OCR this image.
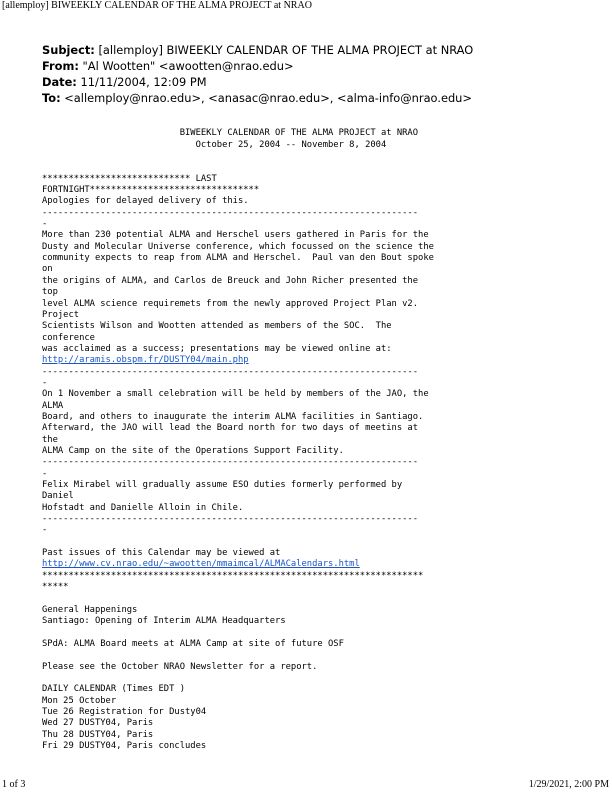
[allemploy] BIWEEKLY CALENDAR OF THE ALMA PROJECT at NRAO
Subject: [allemploy] BIWEEKLY CALENDAR OF THE ALMA PROJECT at NRAO
From: "Al Wootten" <awootten@nrao.edu>
Date: 11/11/2004, 12:09 PM
To: <allemploy@nrao.edu>, <anasac@nrao.edu>, <alma-info@nrao.edu>
BIWEEKLY CALENDAR OF THE ALMA PROJECT at NRAO
October 25, 2004 -- November 8, 2004
**************************** LAST
FORTNIGHT********************************
Apologies for delayed delivery of this.
-----------------------------------------------------------------------
-
More than 230 potential ALMA and Herschel users gathered in Paris for the
Dusty and Molecular Universe conference, which focussed on the science the
community expects to reap from ALMA and Herschel.  Paul van den Bout spoke
on
the origins of ALMA, and Carlos de Breuck and John Richer presented the
top
level ALMA science requiremets from the newly approved Project Plan v2.
Project
Scientists Wilson and Wootten attended as members of the SOC.  The
conference
was acclaimed as a success; presentations may be viewed online at:
http://aramis.obspm.fr/DUSTY04/main.php
-----------------------------------------------------------------------
-
On 1 November a small celebration will be held by members of the JAO, the
ALMA
Board, and others to inaugurate the interim ALMA facilities in Santiago.
Afterward, the JAO will lead the Board north for two days of meetins at
the
ALMA Camp on the site of the Operations Support Facility.
-----------------------------------------------------------------------
-
Felix Mirabel will gradually assume ESO duties formerly performed by
Daniel
Hofstadt and Danielle Alloin in Chile.
-----------------------------------------------------------------------
-
Past issues of this Calendar may be viewed at
http://www.cv.nrao.edu/~awootten/mmaimcal/ALMACalendars.html
************************************************************************
*****
General Happenings
Santiago: Opening of Interim ALMA Headquarters
SPdA: ALMA Board meets at ALMA Camp at site of future OSF
Please see the October NRAO Newsletter for a report.
DAILY CALENDAR (Times EDT )
Mon 25 October
Tue 26 Registration for Dusty04
Wed 27 DUSTY04, Paris
Thu 28 DUSTY04, Paris
Fri 29 DUSTY04, Paris concludes
1 of 3	1/29/2021, 2:00 PM
